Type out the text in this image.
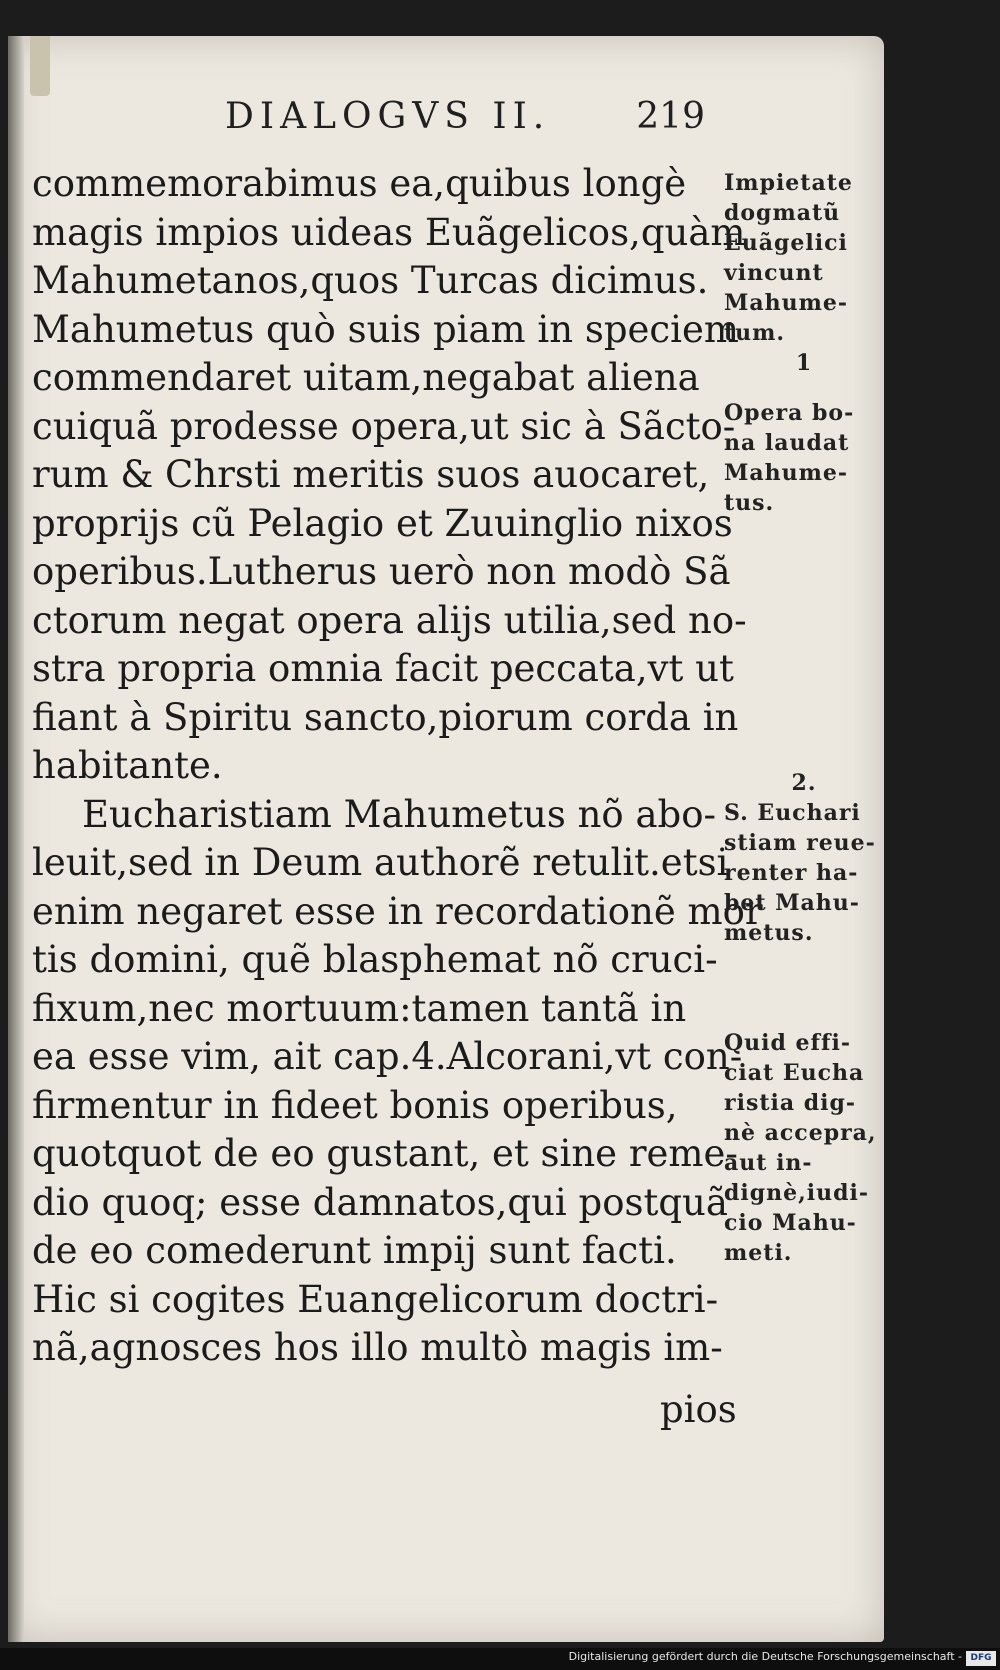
DIALOGVS II. 219
commemorabimus ea,quibus longè
magis impios uideas Euãgelicos,quàm
Mahumetanos,quos Turcas dicimus.
Mahumetus quò suis piam in speciem
commendaret uitam,negabat aliena
cuiquã prodesse opera,ut sic à Sãcto-
rum & Chrsti meritis suos auocaret,
proprijs cũ Pelagio et Zuuinglio nixos
operibus.Lutherus uerò non modò Sã
ctorum negat opera alijs utilia,sed no-
stra propria omnia facit peccata,vt ut
fiant à Spiritu sancto,piorum corda in
habitante.
Eucharistiam Mahumetus nõ abo-
leuit,sed in Deum authorẽ retulit.etsi
enim negaret esse in recordationẽ mor
tis domini, quẽ blasphemat nõ cruci-
fixum,nec mortuum:tamen tantã in
ea esse vim, ait cap.4.Alcorani,vt con-
firmentur in fideet bonis operibus,
quotquot de eo gustant, et sine reme-
dio quoq; esse damnatos,qui postquã
de eo comederunt impij sunt facti.
Hic si cogites Euangelicorum doctri-
nã,agnosces hos illo multò magis im-
pios
Impietate
dogmatũ
Euãgelici
vincunt
Mahume-
tum.
1
Opera bo-
na laudat
Mahume-
tus.
2.
S. Euchari
stiam reue-
renter ha-
bet Mahu-
metus.
Quid effi-
ciat Eucha
ristia dig-
nè accepra,
aut in-
dignè,iudi-
cio Mahu-
meti.
Digitalisierung gefördert durch die Deutsche Forschungsgemeinschaft - DFG
